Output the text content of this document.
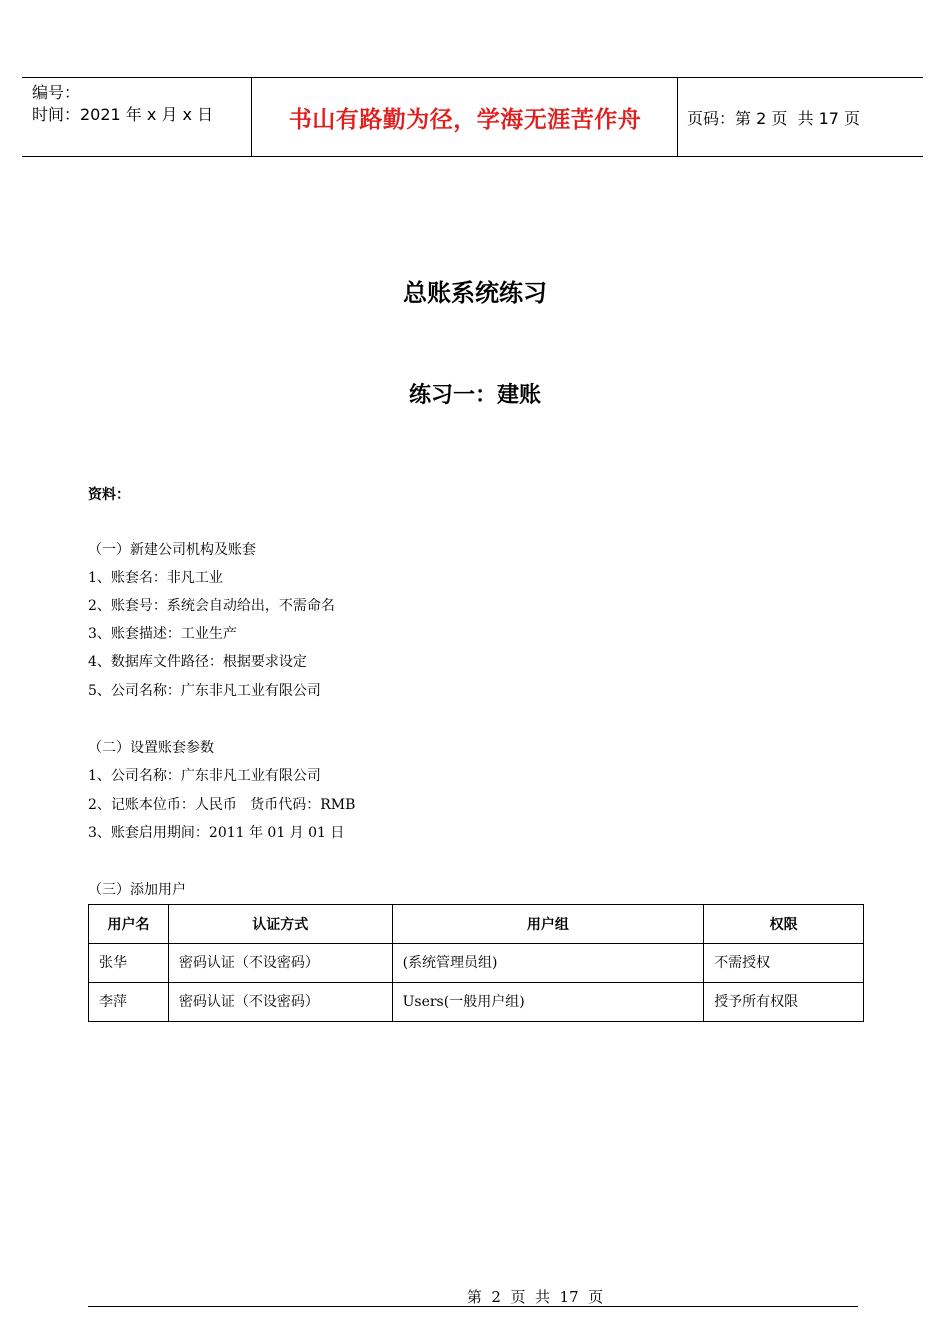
编号：
时间：2021 年 x 月 x 日	书山有路勤为径，学海无涯苦作舟	页码：第 2 页  共 17 页
总账系统练习
练习一：建账
资料：
（一）新建公司机构及账套
1、账套名：非凡工业
2、账套号：系统会自动给出，不需命名
3、账套描述：工业生产
4、数据库文件路径：根据要求设定
5、公司名称：广东非凡工业有限公司
（二）设置账套参数
1、公司名称：广东非凡工业有限公司
2、记账本位币：人民币   货币代码：RMB
3、账套启用期间：2011 年 01 月 01 日
（三）添加用户
用户名	认证方式	用户组	权限
张华	密码认证（不设密码）	(系统管理员组)	不需授权
李萍	密码认证（不设密码）	Users(一般用户组)	授予所有权限
第  2  页  共  17  页
